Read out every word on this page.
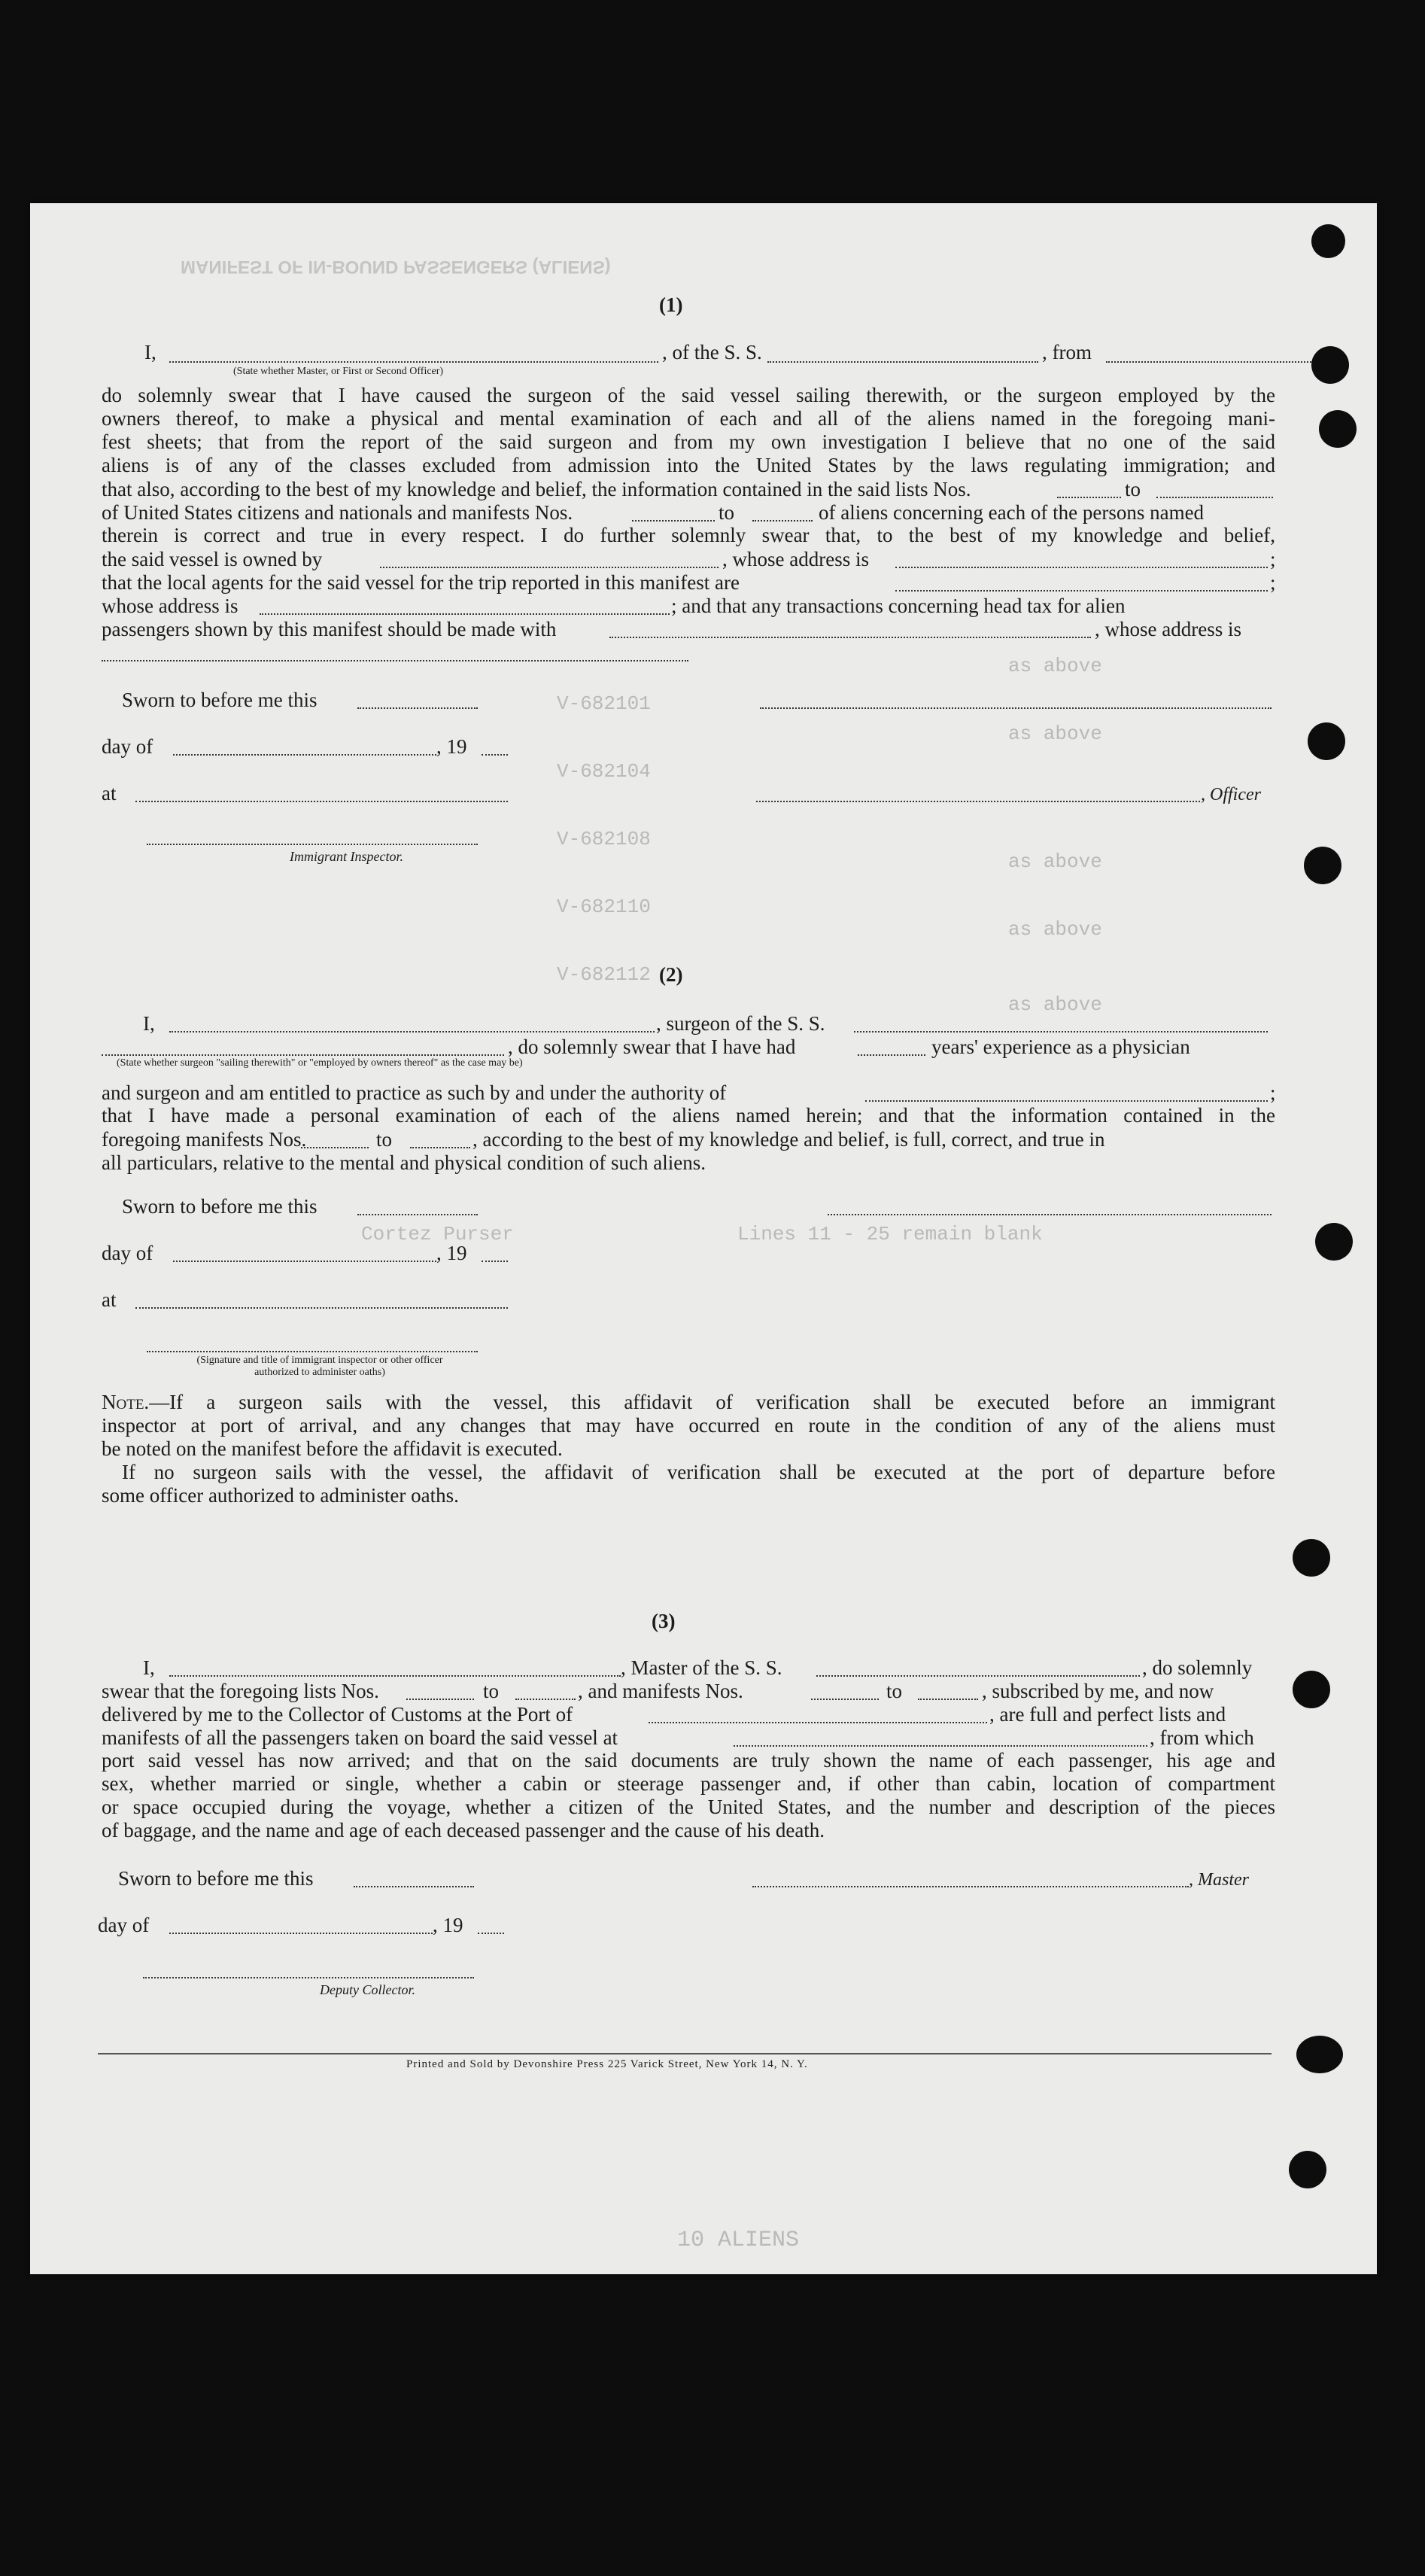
MANIFEST OF IN-BOUND PASSENGERS (ALIENS)
V-682101
V-682104
V-682108
V-682110
V-682112
as above
as above
as above
as above
as above
Lines 11 - 25 remain blank
Cortez Purser
10 ALIENS
(1)
I,	, of the S. S.	, from
(State whether Master, or First or Second Officer)
do solemnly swear that I have caused the surgeon of the said vessel sailing therewith, or the surgeon employed by the
owners thereof, to make a physical and mental examination of each and all of the aliens named in the foregoing mani-
fest sheets; that from the report of the said surgeon and from my own investigation I believe that no one of the said
aliens is of any of the classes excluded from admission into the United States by the laws regulating immigration; and
that also, according to the best of my knowledge and belief, the information contained in the said lists Nos.	to
of United States citizens and nationals and manifests Nos.	to	of aliens concerning each of the persons named
therein is correct and true in every respect. I do further solemnly swear that, to the best of my knowledge and belief,
the said vessel is owned by	, whose address is	;
that the local agents for the said vessel for the trip reported in this manifest are	;
whose address is	; and that any transactions concerning head tax for alien
passengers shown by this manifest should be made with	, whose address is
Sworn to before me this
day of	, 19
at	, Officer
Immigrant Inspector.
(2)
I,	, surgeon of the S. S.
, do solemnly swear that I have had	years' experience as a physician
(State whether surgeon "sailing therewith" or "employed by owners thereof" as the case may be)
and surgeon and am entitled to practice as such by and under the authority of	;
that I have made a personal examination of each of the aliens named herein; and that the information contained in the
foregoing manifests Nos.	to	, according to the best of my knowledge and belief, is full, correct, and true in
all particulars, relative to the mental and physical condition of such aliens.
Sworn to before me this
day of	, 19
at
(Signature and title of immigrant inspector or other officer authorized to administer oaths)
Note.—If a surgeon sails with the vessel, this affidavit of verification shall be executed before an immigrant
inspector at port of arrival, and any changes that may have occurred en route in the condition of any of the aliens must
be noted on the manifest before the affidavit is executed.
If no surgeon sails with the vessel, the affidavit of verification shall be executed at the port of departure before
some officer authorized to administer oaths.
(3)
I,	, Master of the S. S.	, do solemnly
swear that the foregoing lists Nos.	to	, and manifests Nos.	to	, subscribed by me, and now
delivered by me to the Collector of Customs at the Port of	, are full and perfect lists and
manifests of all the passengers taken on board the said vessel at	, from which
port said vessel has now arrived; and that on the said documents are truly shown the name of each passenger, his age and
sex, whether married or single, whether a cabin or steerage passenger and, if other than cabin, location of compartment
or space occupied during the voyage, whether a citizen of the United States, and the number and description of the pieces
of baggage, and the name and age of each deceased passenger and the cause of his death.
Sworn to before me this	, Master
day of	, 19
Deputy Collector.
Printed and Sold by Devonshire Press 225 Varick Street, New York 14, N. Y.
